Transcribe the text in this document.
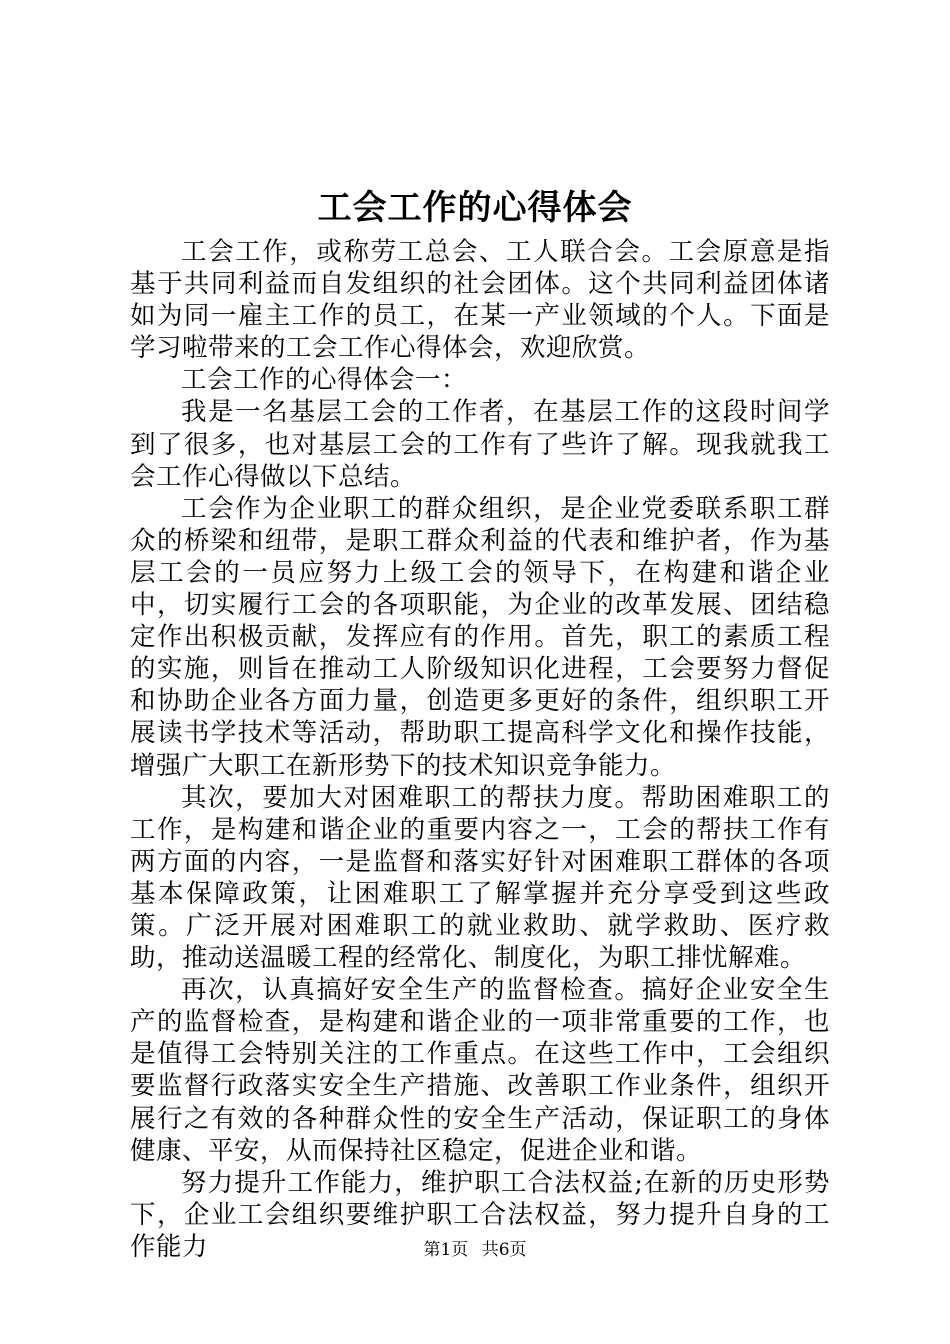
工会工作的心得体会

工会工作，或称劳工总会、工人联合会。工会原意是指基于共同利益而自发组织的社会团体。这个共同利益团体诸如为同一雇主工作的员工，在某一产业领域的个人。下面是学习啦带来的工会工作心得体会，欢迎欣赏。

工会工作的心得体会一：

我是一名基层工会的工作者，在基层工作的这段时间学到了很多，也对基层工会的工作有了些许了解。现我就我工会工作心得做以下总结。

工会作为企业职工的群众组织，是企业党委联系职工群众的桥梁和纽带，是职工群众利益的代表和维护者，作为基层工会的一员应努力上级工会的领导下，在构建和谐企业中，切实履行工会的各项职能，为企业的改革发展、团结稳定作出积极贡献，发挥应有的作用。首先，职工的素质工程的实施，则旨在推动工人阶级知识化进程，工会要努力督促和协助企业各方面力量，创造更多更好的条件，组织职工开展读书学技术等活动，帮助职工提高科学文化和操作技能，增强广大职工在新形势下的技术知识竞争能力。

其次，要加大对困难职工的帮扶力度。帮助困难职工的工作，是构建和谐企业的重要内容之一，工会的帮扶工作有两方面的内容，一是监督和落实好针对困难职工群体的各项基本保障政策，让困难职工了解掌握并充分享受到这些政策。广泛开展对困难职工的就业救助、就学救助、医疗救助，推动送温暖工程的经常化、制度化，为职工排忧解难。

再次，认真搞好安全生产的监督检查。搞好企业安全生产的监督检查，是构建和谐企业的一项非常重要的工作，也是值得工会特别关注的工作重点。在这些工作中，工会组织要监督行政落实安全生产措施、改善职工作业条件，组织开展行之有效的各种群众性的安全生产活动，保证职工的身体健康、平安，从而保持社区稳定，促进企业和谐。

努力提升工作能力，维护职工合法权益;在新的历史形势下，企业工会组织要维护职工合法权益，努力提升自身的工作能力	第1页 共6页
